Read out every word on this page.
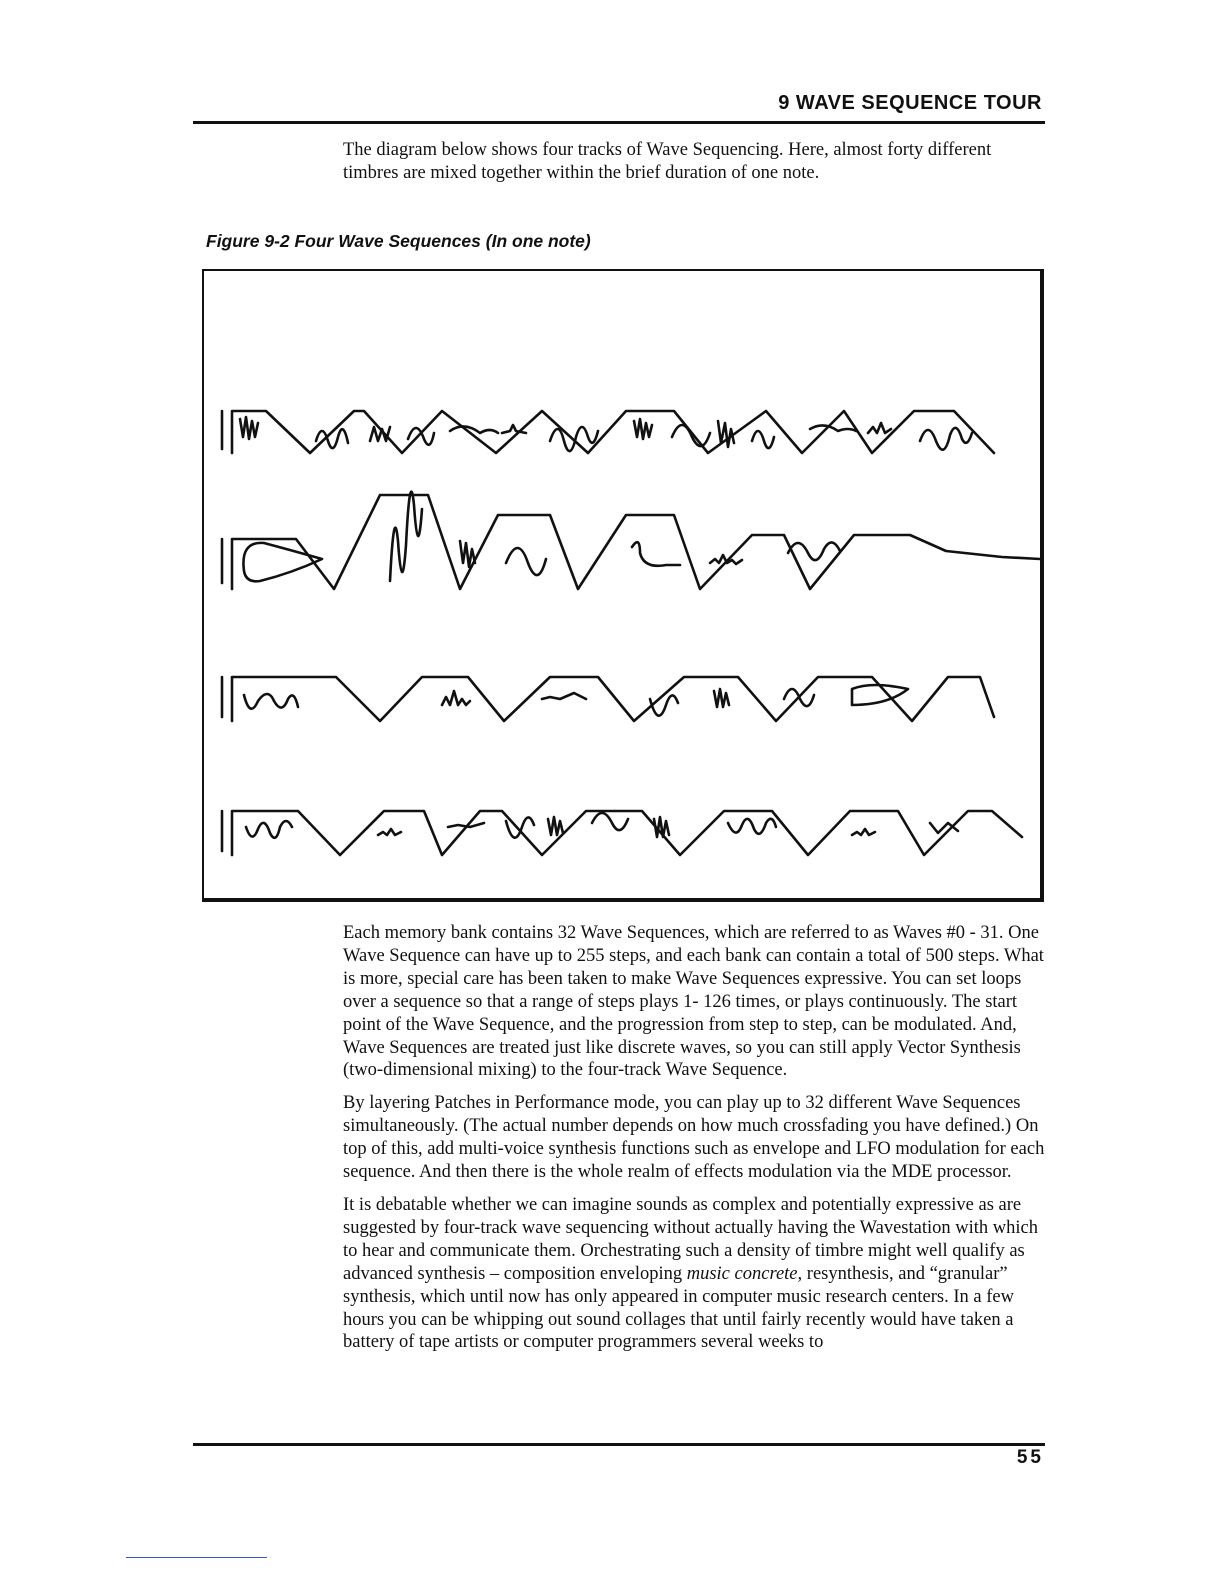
9 WAVE SEQUENCE TOUR

The diagram below shows four tracks of Wave Sequencing. Here, almost forty different timbres are mixed together within the brief duration of one note.

Figure 9-2 Four Wave Sequences (In one note)

Each memory bank contains 32 Wave Sequences, which are referred to as Waves #0 - 31. One Wave Sequence can have up to 255 steps, and each bank can contain a total of 500 steps. What is more, special care has been taken to make Wave Sequences expressive. You can set loops over a sequence so that a range of steps plays 1- 126 times, or plays continuously. The start point of the Wave Sequence, and the progression from step to step, can be modulated. And, Wave Sequences are treated just like discrete waves, so you can still apply Vector Synthesis (two-dimensional mixing) to the four-track Wave Sequence.

By layering Patches in Performance mode, you can play up to 32 different Wave Sequences simultaneously. (The actual number depends on how much crossfading you have defined.) On top of this, add multi-voice synthesis functions such as envelope and LFO modulation for each sequence. And then there is the whole realm of effects modulation via the MDE processor.

It is debatable whether we can imagine sounds as complex and potentially expressive as are suggested by four-track wave sequencing without actually having the Wavestation with which to hear and communicate them. Orchestrating such a density of timbre might well qualify as advanced synthesis – composition enveloping music concrete, resynthesis, and “granular” synthesis, which until now has only appeared in computer music research centers. In a few hours you can be whipping out sound collages that until fairly recently would have taken a battery of tape artists or computer programmers several weeks to

55
